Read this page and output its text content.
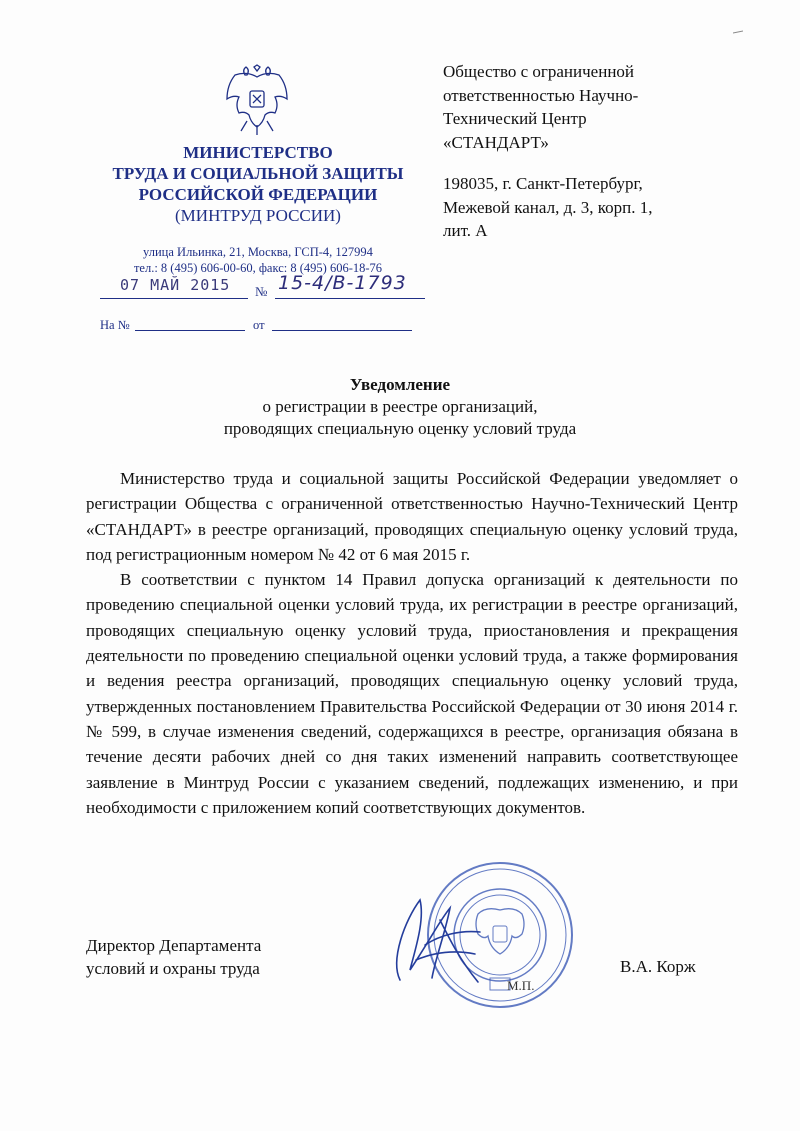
МИНИСТЕРСТВО
ТРУДА И СОЦИАЛЬНОЙ ЗАЩИТЫ
РОССИЙСКОЙ ФЕДЕРАЦИИ
(МИНТРУД РОССИИ)
улица Ильинка, 21, Москва, ГСП-4, 127994
тел.: 8 (495) 606-00-60, факс: 8 (495) 606-18-76
07 МАЙ 2015 № 15-4/В-1793
На №	от

Общество с ограниченной

ответственностью Научно-

Технический Центр

«СТАНДАРТ»

198035, г. Санкт-Петербург,

Межевой канал, д. 3, корп. 1,

лит. А

Уведомление
о регистрации в реестре организаций,
проводящих специальную оценку условий труда

Министерство труда и социальной защиты Российской Федерации уведомляет о регистрации Общества с ограниченной ответственностью Научно-Технический Центр «СТАНДАРТ» в реестре организаций, проводящих специальную оценку условий труда, под регистрационным номером № 42 от 6 мая 2015 г.

В соответствии с пунктом 14 Правил допуска организаций к деятельности по проведению специальной оценки условий труда, их регистрации в реестре организаций, проводящих специальную оценку условий труда, приостановления и прекращения деятельности по проведению специальной оценки условий труда, а также формирования и ведения реестра организаций, проводящих специальную оценку условий труда, утвержденных постановлением Правительства Российской Федерации от 30 июня 2014 г. № 599, в случае изменения сведений, содержащихся в реестре, организация обязана в течение десяти рабочих дней со дня таких изменений направить соответствующее заявление в Минтруд России с указанием сведений, подлежащих изменению, и при необходимости с приложением копий соответствующих документов.

Директор Департамента
условий и охраны труда
М.П.
В.А. Корж
